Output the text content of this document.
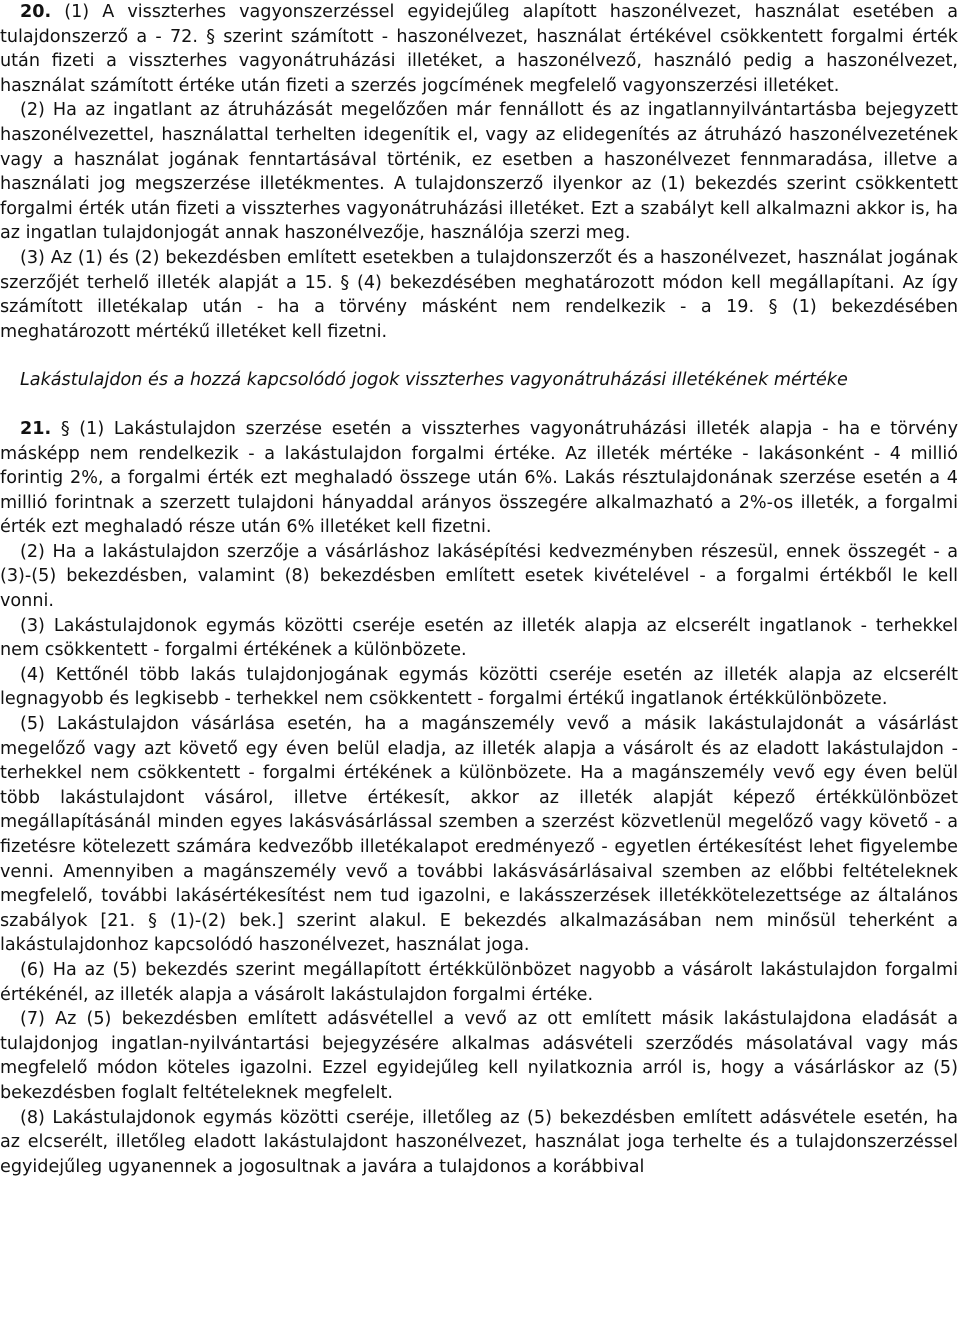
20. (1) A visszterhes vagyonszerzéssel egyidejűleg alapított haszonélvezet, használat esetében a tulajdonszerző a - 72. § szerint számított - haszonélvezet, használat értékével csökkentett forgalmi érték után fizeti a visszterhes vagyonátruházási illetéket, a haszonélvező, használó pedig a haszonélvezet, használat számított értéke után fizeti a szerzés jogcímének megfelelő vagyonszerzési illetéket.

(2) Ha az ingatlant az átruházását megelőzően már fennállott és az ingatlannyilvántartásba bejegyzett haszonélvezettel, használattal terhelten idegenítik el, vagy az elidegenítés az átruházó haszonélvezetének vagy a használat jogának fenntartásával történik, ez esetben a haszonélvezet fennmaradása, illetve a használati jog megszerzése illetékmentes. A tulajdonszerző ilyenkor az (1) bekezdés szerint csökkentett forgalmi érték után fizeti a visszterhes vagyonátruházási illetéket. Ezt a szabályt kell alkalmazni akkor is, ha az ingatlan tulajdonjogát annak haszonélvezője, használója szerzi meg.

(3) Az (1) és (2) bekezdésben említett esetekben a tulajdonszerzőt és a haszonélvezet, használat jogának szerzőjét terhelő illeték alapját a 15. § (4) bekezdésében meghatározott módon kell megállapítani. Az így számított illetékalap után - ha a törvény másként nem rendelkezik - a 19. § (1) bekezdésében meghatározott mértékű illetéket kell fizetni.

Lakástulajdon és a hozzá kapcsolódó jogok visszterhes vagyonátruházási illetékének mértéke

21. § (1) Lakástulajdon szerzése esetén a visszterhes vagyonátruházási illeték alapja - ha e törvény másképp nem rendelkezik - a lakástulajdon forgalmi értéke. Az illeték mértéke - lakásonként - 4 millió forintig 2%, a forgalmi érték ezt meghaladó összege után 6%. Lakás résztulajdonának szerzése esetén a 4 millió forintnak a szerzett tulajdoni hányaddal arányos összegére alkalmazható a 2%-os illeték, a forgalmi érték ezt meghaladó része után 6% illetéket kell fizetni.

(2) Ha a lakástulajdon szerzője a vásárláshoz lakásépítési kedvezményben részesül, ennek összegét - a (3)-(5) bekezdésben, valamint (8) bekezdésben említett esetek kivételével - a forgalmi értékből le kell vonni.

(3) Lakástulajdonok egymás közötti cseréje esetén az illeték alapja az elcserélt ingatlanok - terhekkel nem csökkentett - forgalmi értékének a különbözete.

(4) Kettőnél több lakás tulajdonjogának egymás közötti cseréje esetén az illeték alapja az elcserélt legnagyobb és legkisebb - terhekkel nem csökkentett - forgalmi értékű ingatlanok értékkülönbözete.

(5) Lakástulajdon vásárlása esetén, ha a magánszemély vevő a másik lakástulajdonát a vásárlást megelőző vagy azt követő egy éven belül eladja, az illeték alapja a vásárolt és az eladott lakástulajdon - terhekkel nem csökkentett - forgalmi értékének a különbözete. Ha a magánszemély vevő egy éven belül több lakástulajdont vásárol, illetve értékesít, akkor az illeték alapját képező értékkülönbözet megállapításánál minden egyes lakásvásárlással szemben a szerzést közvetlenül megelőző vagy követő - a fizetésre kötelezett számára kedvezőbb illetékalapot eredményező - egyetlen értékesítést lehet figyelembe venni. Amennyiben a magánszemély vevő a további lakásvásárlásaival szemben az előbbi feltételeknek megfelelő, további lakásértékesítést nem tud igazolni, e lakásszerzések illetékkötelezettsége az általános szabályok [21. § (1)-(2) bek.] szerint alakul. E bekezdés alkalmazásában nem minősül teherként a lakástulajdonhoz kapcsolódó haszonélvezet, használat joga.

(6) Ha az (5) bekezdés szerint megállapított értékkülönbözet nagyobb a vásárolt lakástulajdon forgalmi értékénél, az illeték alapja a vásárolt lakástulajdon forgalmi értéke.

(7) Az (5) bekezdésben említett adásvétellel a vevő az ott említett másik lakástulajdona eladását a tulajdonjog ingatlan-nyilvántartási bejegyzésére alkalmas adásvételi szerződés másolatával vagy más megfelelő módon köteles igazolni. Ezzel egyidejűleg kell nyilatkoznia arról is, hogy a vásárláskor az (5) bekezdésben foglalt feltételeknek megfelelt.

(8) Lakástulajdonok egymás közötti cseréje, illetőleg az (5) bekezdésben említett adásvétele esetén, ha az elcserélt, illetőleg eladott lakástulajdont haszonélvezet, használat joga terhelte és a tulajdonszerzéssel egyidejűleg ugyanennek a jogosultnak a javára a tulajdonos a korábbival
